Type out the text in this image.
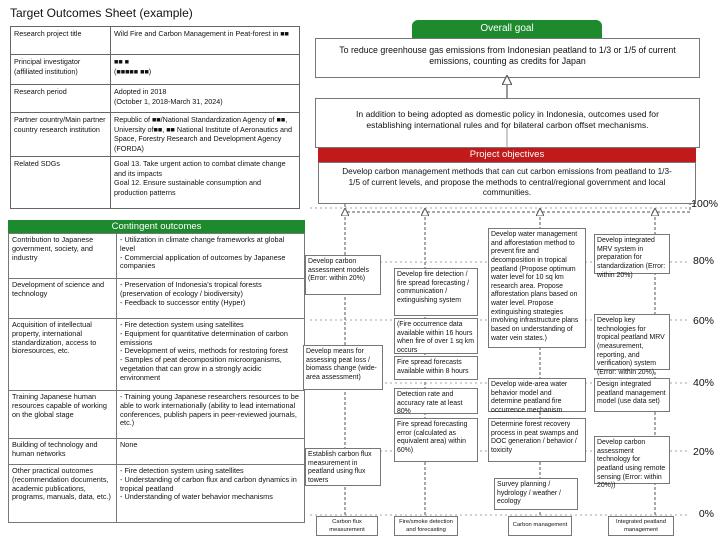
Target Outcomes Sheet (example)
Research project title	Wild Fire and Carbon Management in Peat-forest in ■■
Principal investigator (affiliated institution)	■■ ■
(■■■■■ ■■)
Research period	Adopted in 2018
(October 1, 2018-March 31, 2024)
Partner country/Main partner country research institution	Republic of ■■/National Standardization Agency of ■■, University of■■, ■■ National Institute of Aeronautics and Space, Forestry Research and Development Agency (FORDA)
Related SDGs	Goal 13. Take urgent action to combat climate change and its impacts
Goal 12. Ensure sustainable consumption and production patterns
Overall goal
To reduce greenhouse gas emissions from Indonesian peatland to 1/3 or 1/5 of current emissions, counting as credits for Japan
In addition to being adopted as domestic policy in Indonesia, outcomes used for establishing international rules and for bilateral carbon offset mechanisms.
Project objectives
Develop carbon management methods that can cut carbon emissions from peatland to 1/3-1/5 of current levels, and propose the methods to central/regional government and local communities.
Contingent outcomes
Contribution to Japanese government, society, and industry	- Utilization in climate change frameworks at global level
- Commercial application of outcomes by Japanese companies
Development of science and technology	- Preservation of Indonesia's tropical forests (preservation of ecology / biodiversity)
- Feedback to successor entity (Hyper)
Acquisition of intellectual property, international standardization, access to bioresources, etc.	- Fire detection system using satellites
- Equipment for quantitative determination of carbon emissions
- Development of weirs, methods for restoring forest
- Samples of peat decomposition microorganisms, vegetation that can grow in a strongly acidic environment
Training Japanese human resources capable of working on the global stage	- Training young Japanese researchers resources to be able to work internationally (ability to lead international conferences, publish papers in peer-reviewed journals, etc.)
Building of technology and human networks	None
Other practical outcomes (recommendation documents, academic publications, programs, manuals, data, etc.)	- Fire detection system using satellites
- Understanding of carbon flux and carbon dynamics in tropical peatland
- Understanding of water behavior mechanisms
100%
80%
60%
40%
20%
0%
Develop carbon assessment models (Error: within 20%)
Develop means for assessing peat loss / biomass change (wide-area assessment)
Establish carbon flux measurement in peatland using flux towers
Develop fire detection / fire spread forecasting / communication / extinguishing system
(Fire occurrence data available within 16 hours when fire of over 1 sq km occurs
Fire spread forecasts available within 8 hours
Detection rate and accuracy rate at least 80%
Fire spread forecasting error (calculated as equivalent area) within 60%)
Develop water management and afforestation method to prevent fire and decomposition in tropical peatland (Propose optimum water level for 10 sq km research area. Propose afforestation plans based on water level. Propose extinguishing strategies involving infrastructure plans based on understanding of water vein states.)
Develop wide-area water behavior model and determine peatland fire occurrence mechanism
Determine forest recovery process in peat swamps and DOC generation / behavior / toxicity
Survey planning / hydrology / weather / ecology
Develop integrated MRV system in preparation for standardization (Error: within 20%)
Develop key technologies for tropical peatland MRV (measurement, reporting, and verification) system (Error: within 20%)
Design integrated peatland management model (use data set)
Develop carbon assessment technology for peatland using remote sensing (Error: within 20%))
Carbon flux measurement
Fire/smoke detection and forecasting
Carbon management	Integrated peatland management
